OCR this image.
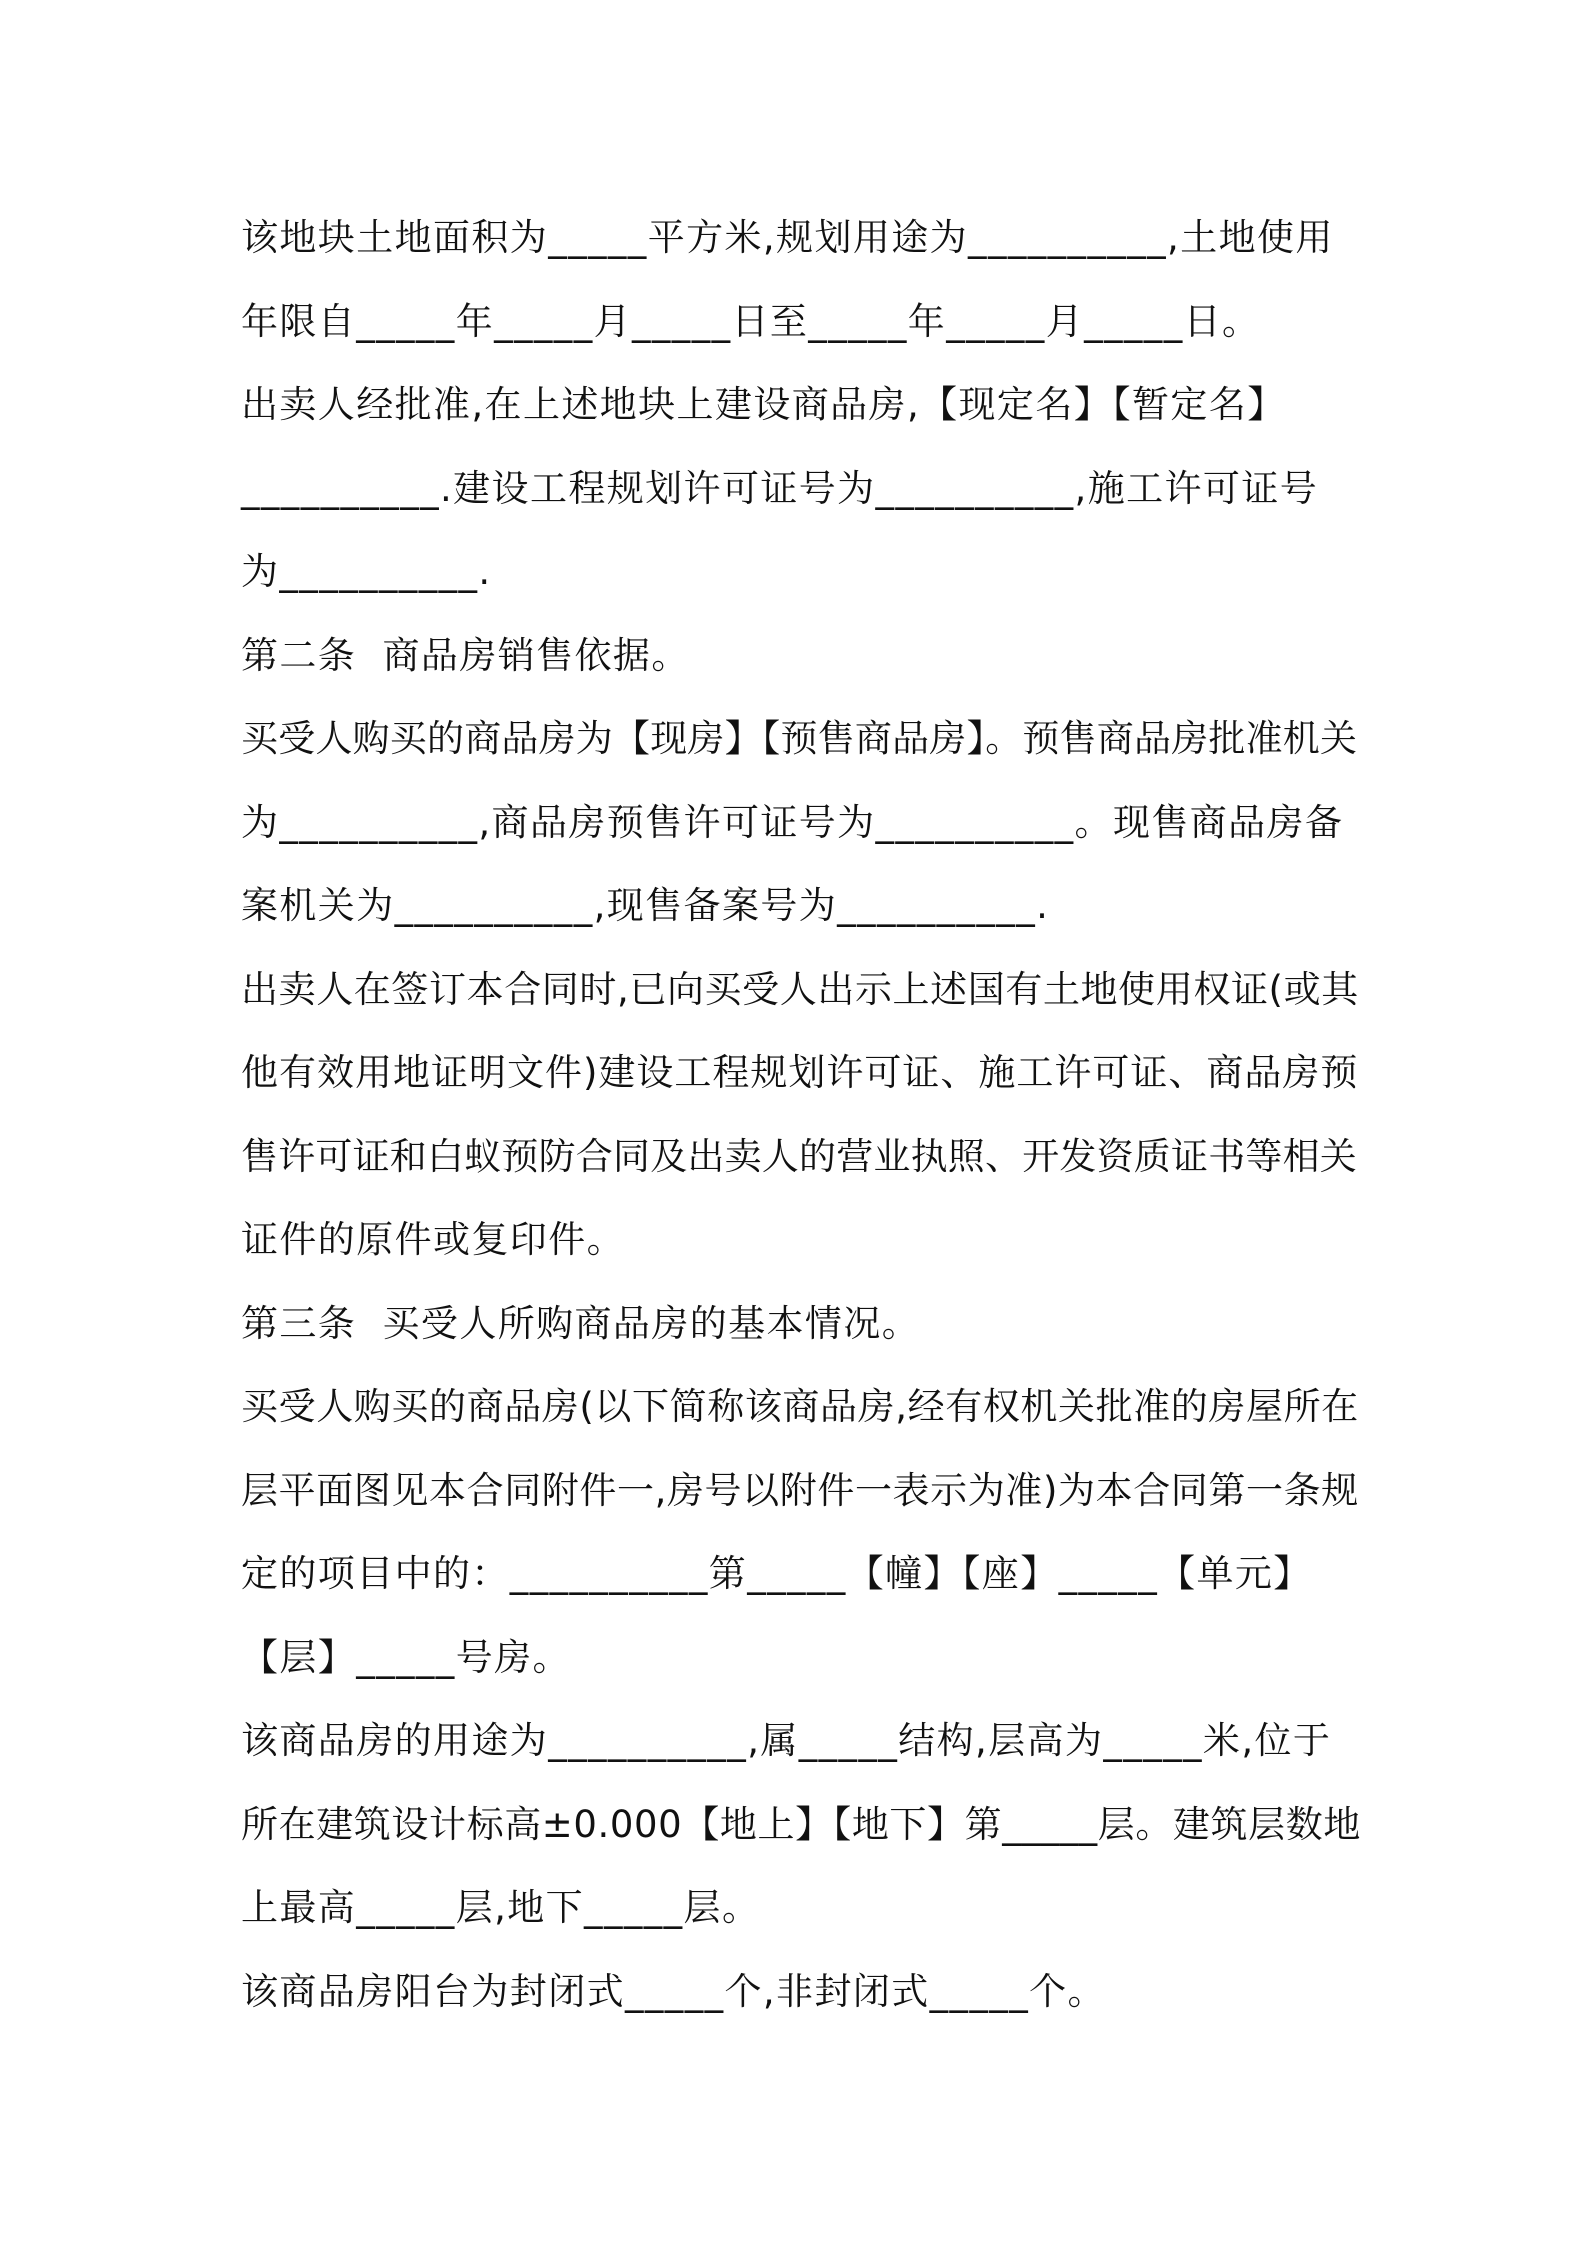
该地块土地面积为_____平方米,规划用途为__________,土地使用
年限自_____年_____月_____日至_____年_____月_____日。
出卖人经批准,在上述地块上建设商品房,【现定名】【暂定名】
__________.建设工程规划许可证号为__________,施工许可证号
为__________.
第二条  商品房销售依据。
买受人购买的商品房为【现房】【预售商品房】。预售商品房批准机关
为__________,商品房预售许可证号为__________。现售商品房备
案机关为__________,现售备案号为__________.
出卖人在签订本合同时,已向买受人出示上述国有土地使用权证(或其
他有效用地证明文件)建设工程规划许可证、施工许可证、商品房预
售许可证和白蚁预防合同及出卖人的营业执照、开发资质证书等相关
证件的原件或复印件。
第三条  买受人所购商品房的基本情况。
买受人购买的商品房(以下简称该商品房,经有权机关批准的房屋所在
层平面图见本合同附件一,房号以附件一表示为准)为本合同第一条规
定的项目中的：__________第_____【幢】【座】_____【单元】
【层】_____号房。
该商品房的用途为__________,属_____结构,层高为_____米,位于
所在建筑设计标高±0.000【地上】【地下】第_____层。建筑层数地
上最高_____层,地下_____层。
该商品房阳台为封闭式_____个,非封闭式_____个。
